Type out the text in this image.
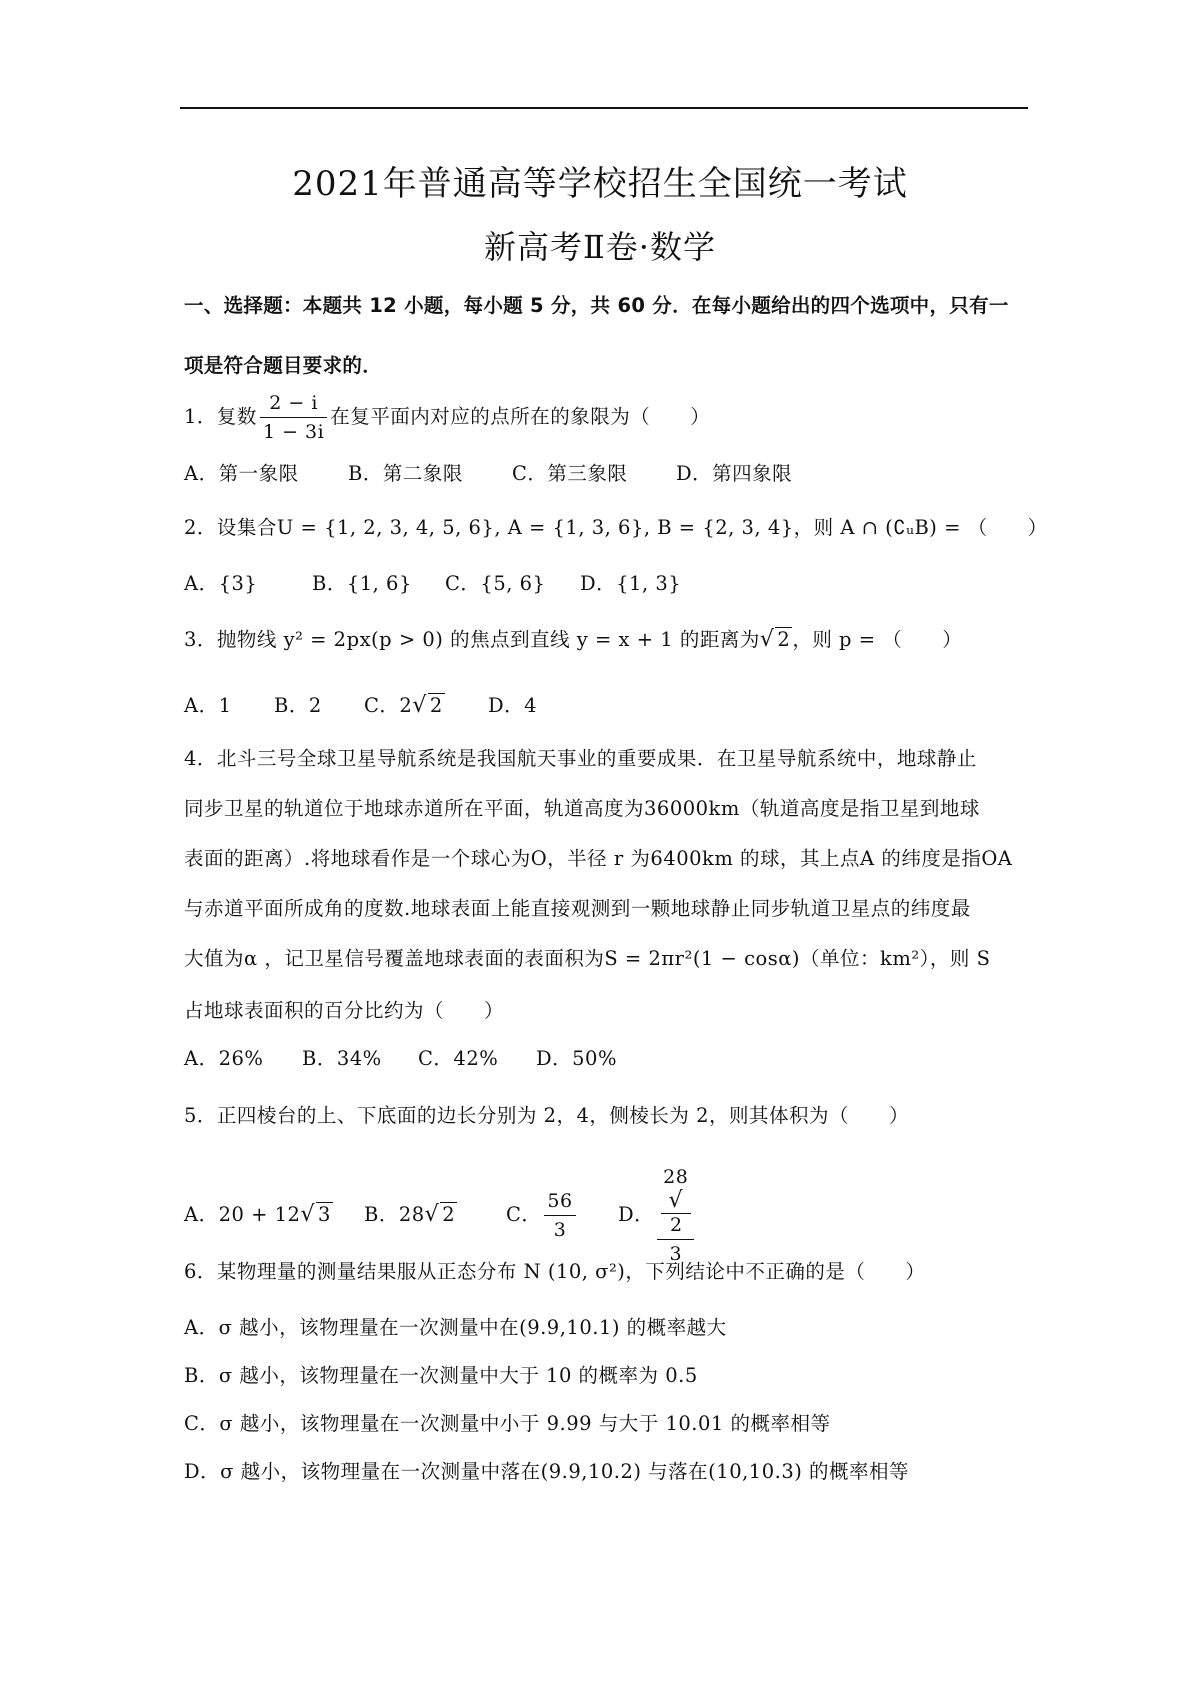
2021年普通高等学校招生全国统一考试
新高考Ⅱ卷·数学
一、选择题：本题共 12 小题，每小题 5 分，共 60 分．在每小题给出的四个选项中，只有一
项是符合题目要求的．
1．复数 $\frac{2 - i}{1 - 3i}$ 在复平面内对应的点所在的象限为（　　）
A．第一象限	B．第二象限	C．第三象限 D．第四象限
2．设集合U = {1, 2, 3, 4, 5, 6}, A = {1, 3, 6}, B = {2, 3, 4}，则 A ∩ (∁ᵤB) = （　　）
A．{3}	B．{1, 6} C．{5, 6} D．{1, 3}
3．抛物线 y² = 2px(p > 0) 的焦点到直线 y = x + 1 的距离为√ 2 ，则 p = （　　）
A．1 B．2 C．2√ 2 D．4
4．北斗三号全球卫星导航系统是我国航天事业的重要成果．在卫星导航系统中，地球静止
同步卫星的轨道位于地球赤道所在平面，轨道高度为36000km（轨道高度是指卫星到地球
表面的距离）.将地球看作是一个球心为O，半径 r 为6400km 的球，其上点A 的纬度是指OA
与赤道平面所成角的度数.地球表面上能直接观测到一颗地球静止同步轨道卫星点的纬度最
大值为α ，记卫星信号覆盖地球表面的表面积为S = 2πr²(1 − cosα)（单位：km²），则 S
占地球表面积的百分比约为（　　）
A．26% B．34% C．42% D．50%
5．正四棱台的上、下底面的边长分别为 2，4，侧棱长为 2，则其体积为（　　）
A．20 + 12√ 3 B．28√ 2	C． $\frac{56}{3}$ D． 28
√
2
3
6．某物理量的测量结果服从正态分布 N (10, σ²)，下列结论中不正确的是（　　）
A．σ 越小，该物理量在一次测量中在(9.9,10.1) 的概率越大
B．σ 越小，该物理量在一次测量中大于 10 的概率为 0.5
C．σ 越小，该物理量在一次测量中小于 9.99 与大于 10.01 的概率相等
D．σ 越小，该物理量在一次测量中落在(9.9,10.2) 与落在(10,10.3) 的概率相等
